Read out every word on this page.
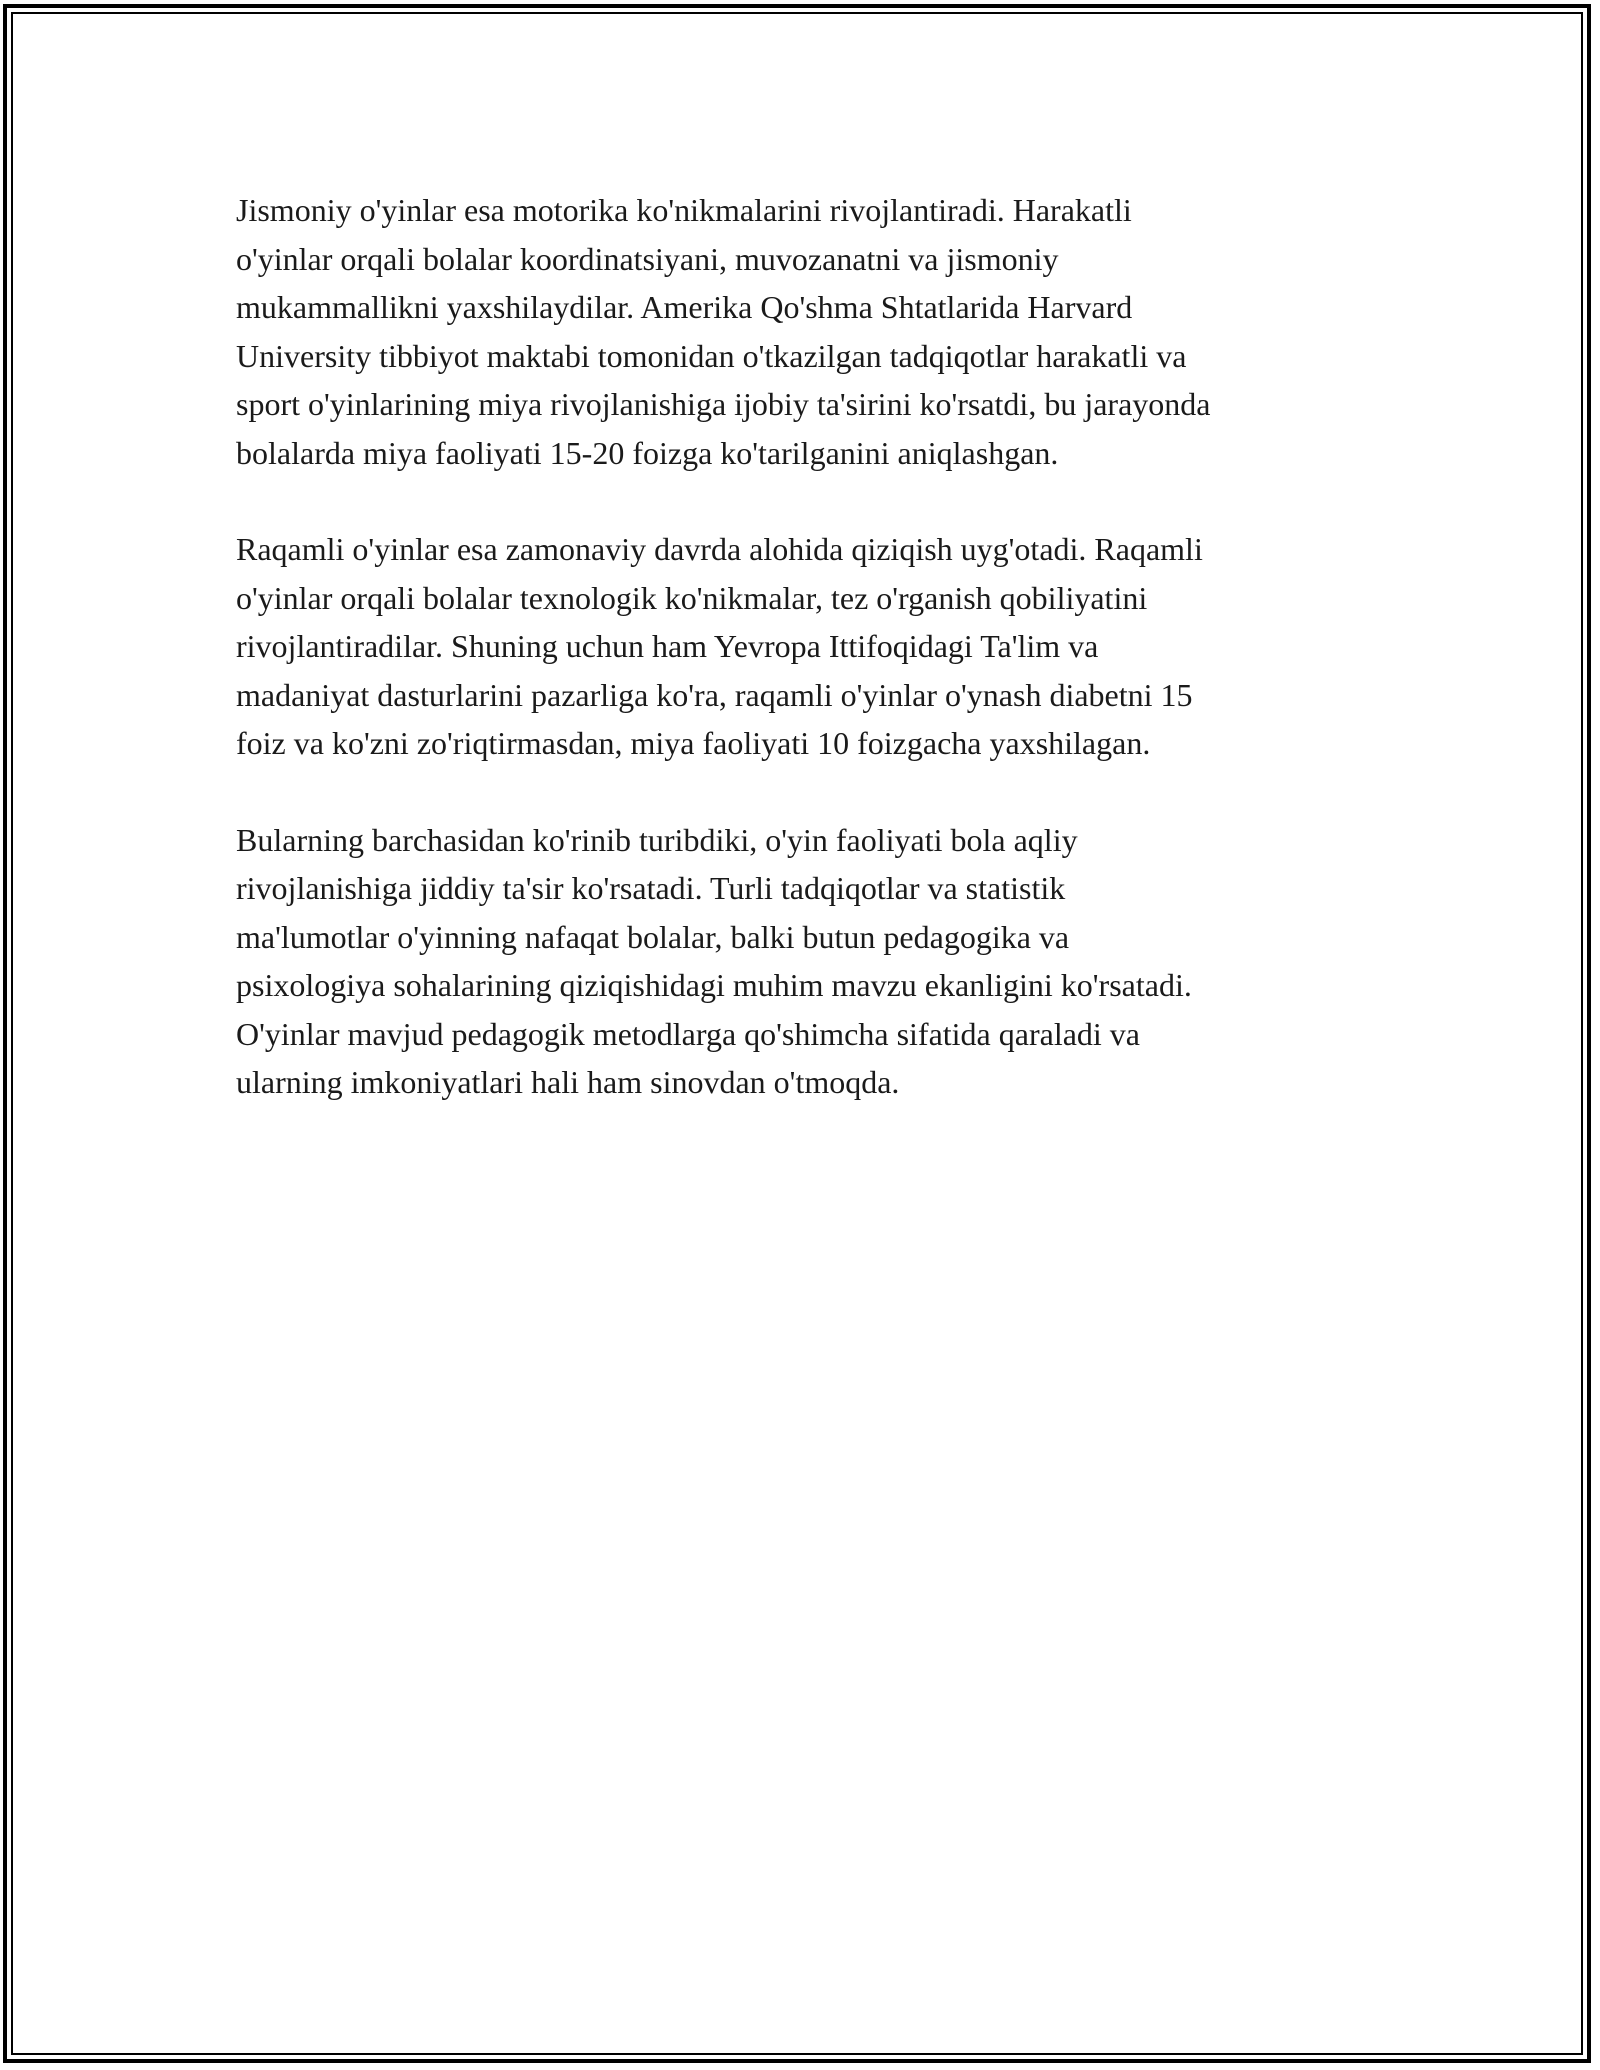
Jismoniy o'yinlar esa motorika ko'nikmalarini rivojlantiradi. Harakatli
o'yinlar orqali bolalar koordinatsiyani, muvozanatni va jismoniy
mukammallikni yaxshilaydilar. Amerika Qo'shma Shtatlarida Harvard
University tibbiyot maktabi tomonidan o'tkazilgan tadqiqotlar harakatli va
sport o'yinlarining miya rivojlanishiga ijobiy ta'sirini ko'rsatdi, bu jarayonda
bolalarda miya faoliyati 15-20 foizga ko'tarilganini aniqlashgan.

Raqamli o'yinlar esa zamonaviy davrda alohida qiziqish uyg'otadi. Raqamli
o'yinlar orqali bolalar texnologik ko'nikmalar, tez o'rganish qobiliyatini
rivojlantiradilar. Shuning uchun ham Yevropa Ittifoqidagi Ta'lim va
madaniyat dasturlarini pazarliga ko'ra, raqamli o'yinlar o'ynash diabetni 15
foiz va ko'zni zo'riqtirmasdan, miya faoliyati 10 foizgacha yaxshilagan.

Bularning barchasidan ko'rinib turibdiki, o'yin faoliyati bola aqliy
rivojlanishiga jiddiy ta'sir ko'rsatadi. Turli tadqiqotlar va statistik
ma'lumotlar o'yinning nafaqat bolalar, balki butun pedagogika va
psixologiya sohalarining qiziqishidagi muhim mavzu ekanligini ko'rsatadi.
O'yinlar mavjud pedagogik metodlarga qo'shimcha sifatida qaraladi va
ularning imkoniyatlari hali ham sinovdan o'tmoqda.
